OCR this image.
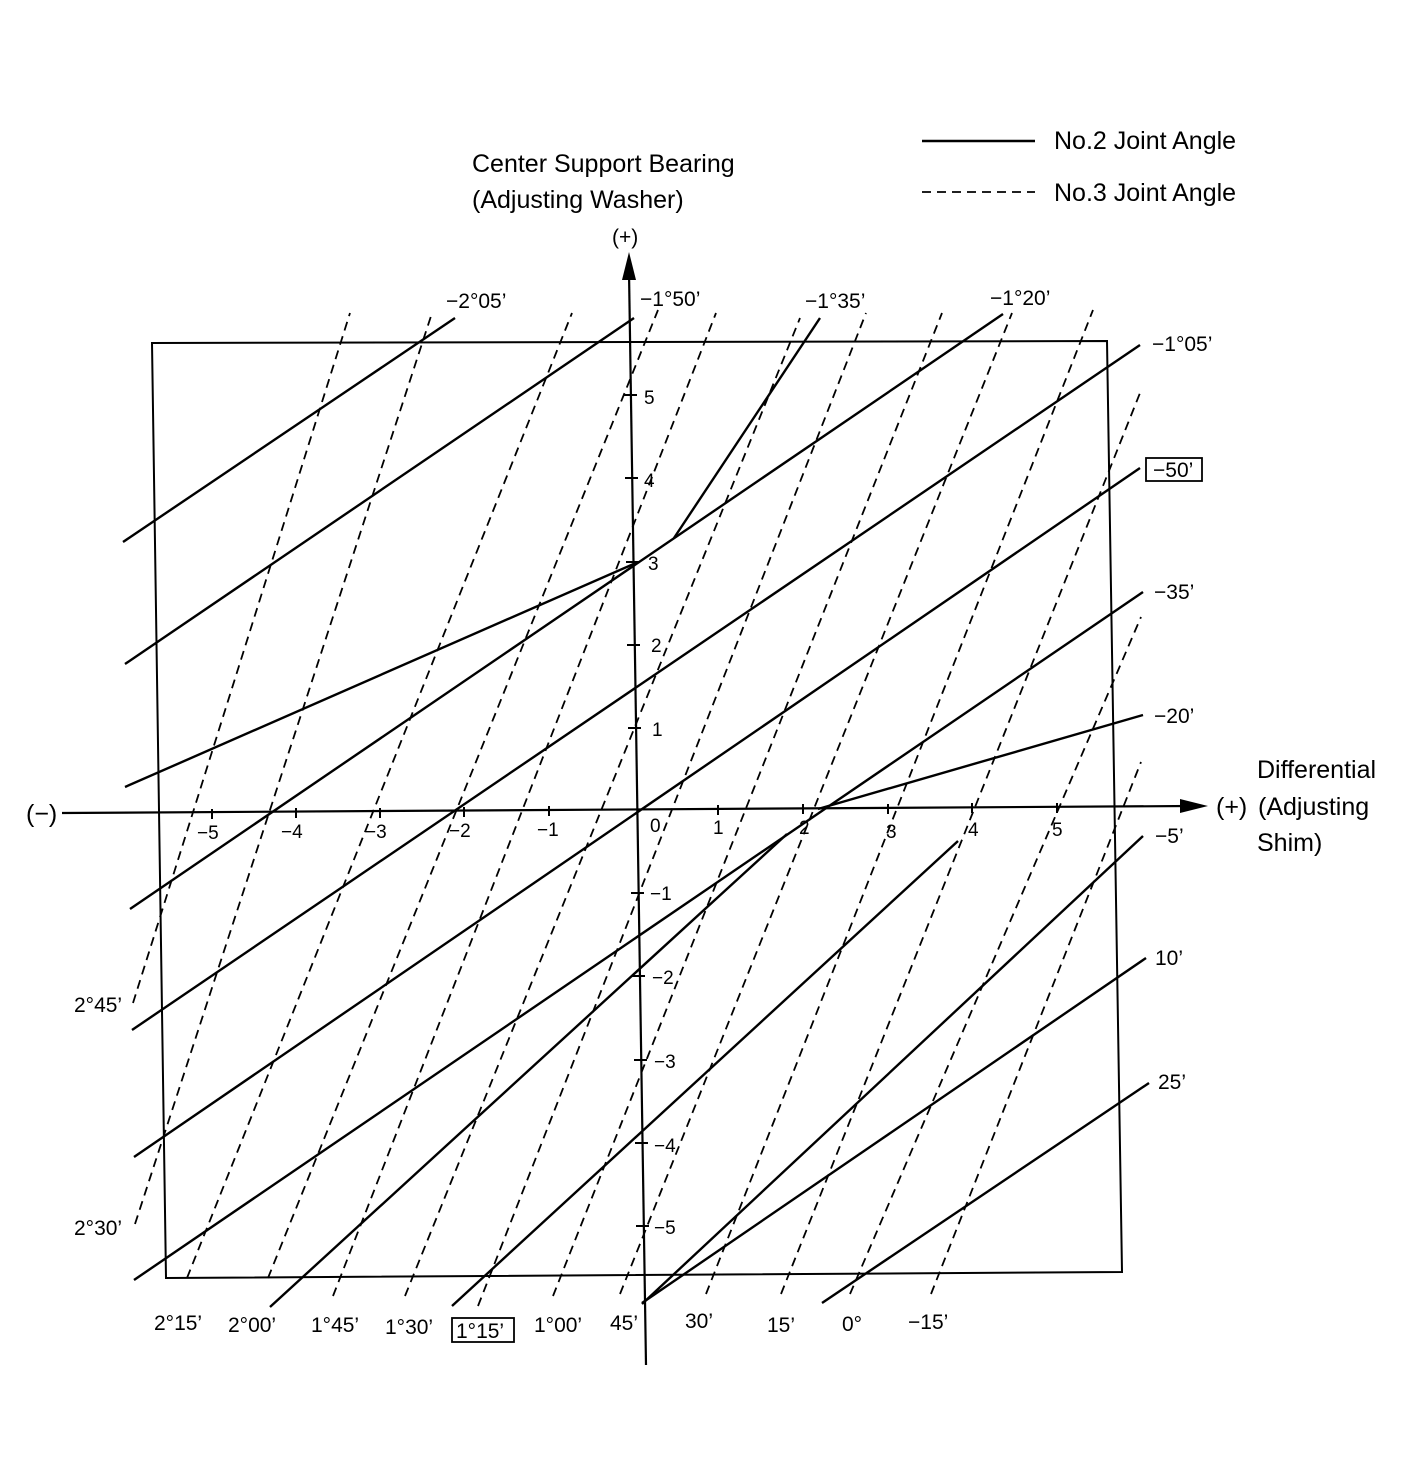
No.2 Joint Angle
No.3 Joint Angle
Center Support Bearing
(Adjusting Washer)
(+)
5
4
3
2
1
−1
−2
−3
−4
−5
(−)	(+)
Differential
(Adjusting
Shim)
−5	−4	−3	−2	−1	0	1	2	3	4	5
−2°05’	−1°50’	−1°35’	−1°20’
−1°05’
−50’
−35’
−20’
−5’
10’
25’
2°45’
2°30’
2°15’ 2°00’ 1°45’ 1°30’ 1°15’ 1°00’ 45’ 30’	15’ 0° −15’
